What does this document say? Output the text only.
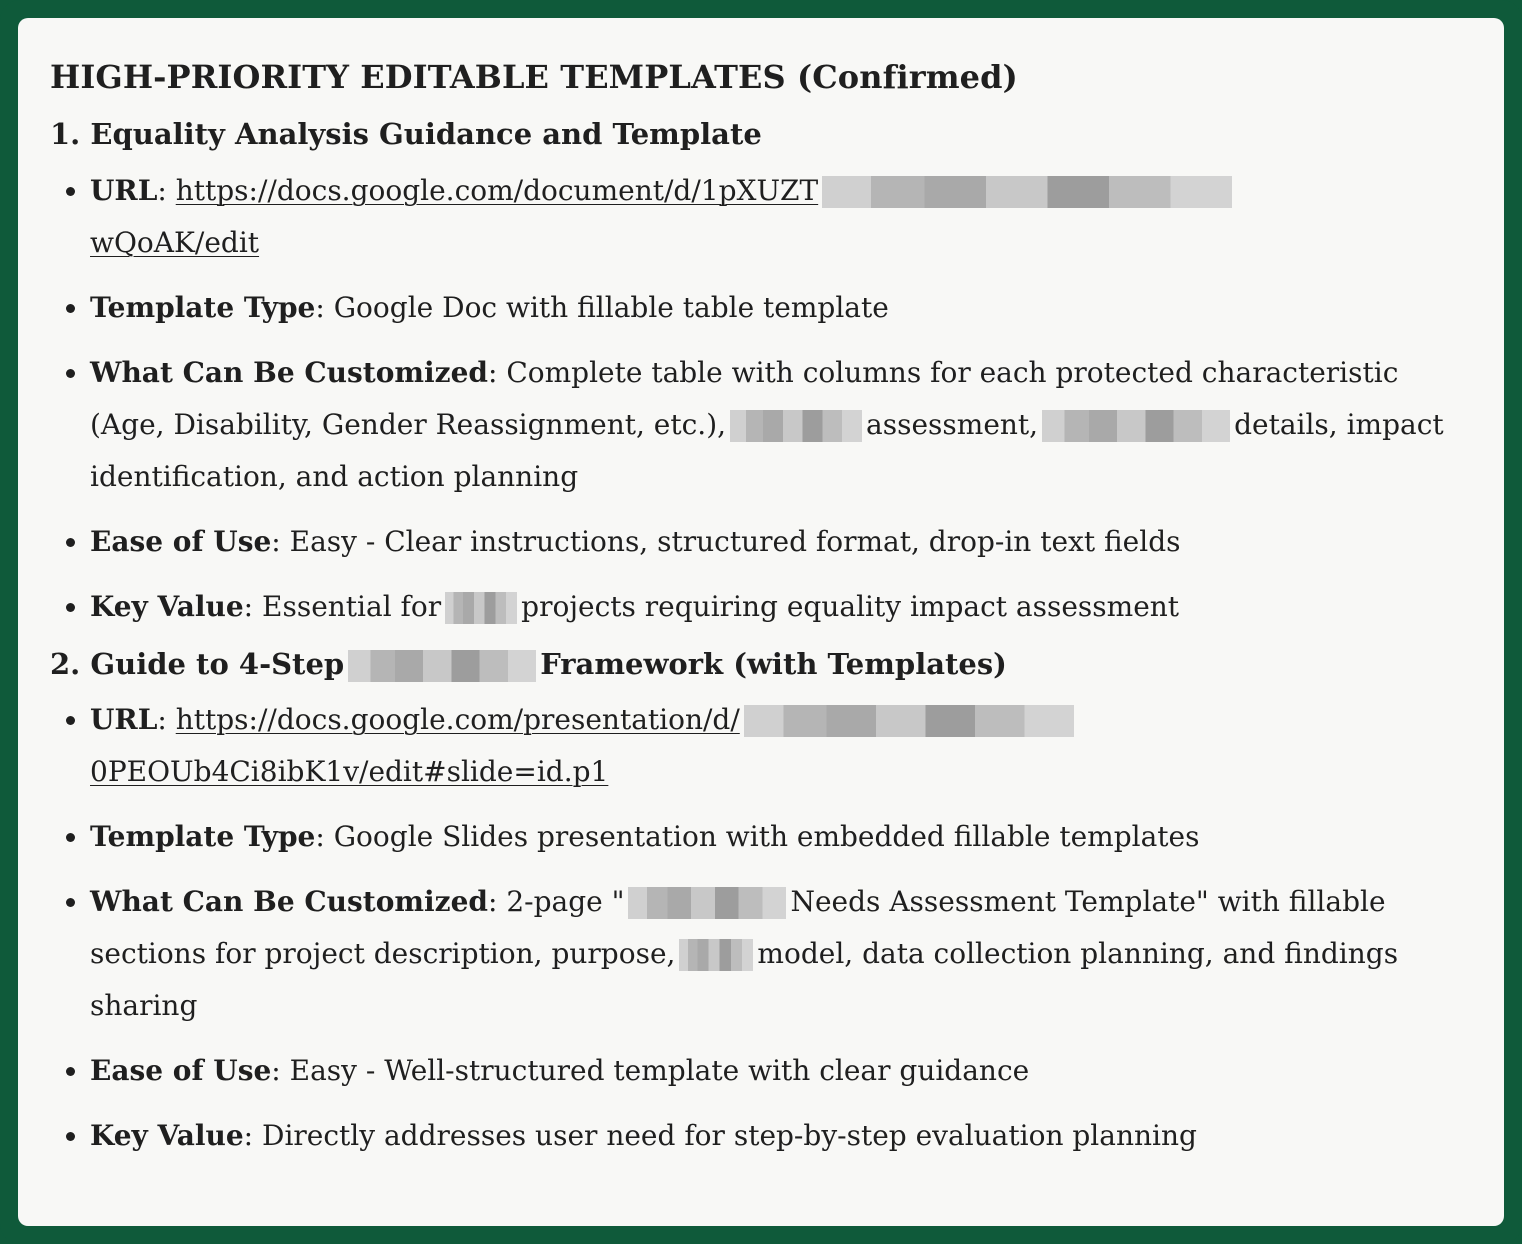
HIGH-PRIORITY EDITABLE TEMPLATES (Confirmed)
1. Equality Analysis Guidance and Template
• URL: https://docs.google.com/document/d/1pXUZT
wQoAK/edit
• Template Type: Google Doc with fillable table template
• What Can Be Customized: Complete table with columns for each protected characteristic (Age, Disability, Gender Reassignment, etc.),	assessment,	details, impact identification, and action planning
• Ease of Use: Easy - Clear instructions, structured format, drop-in text fields
• Key Value: Essential for	projects requiring equality impact assessment
2. Guide to 4-Step	Framework (with Templates)
• URL: https://docs.google.com/presentation/d/
0PEOUb4Ci8ibK1v/edit#slide=id.p1
• Template Type: Google Slides presentation with embedded fillable templates
• What Can Be Customized: 2-page "	Needs Assessment Template" with fillable sections for project description, purpose,	model, data collection planning, and findings sharing
• Ease of Use: Easy - Well-structured template with clear guidance
• Key Value: Directly addresses user need for step-by-step evaluation planning
